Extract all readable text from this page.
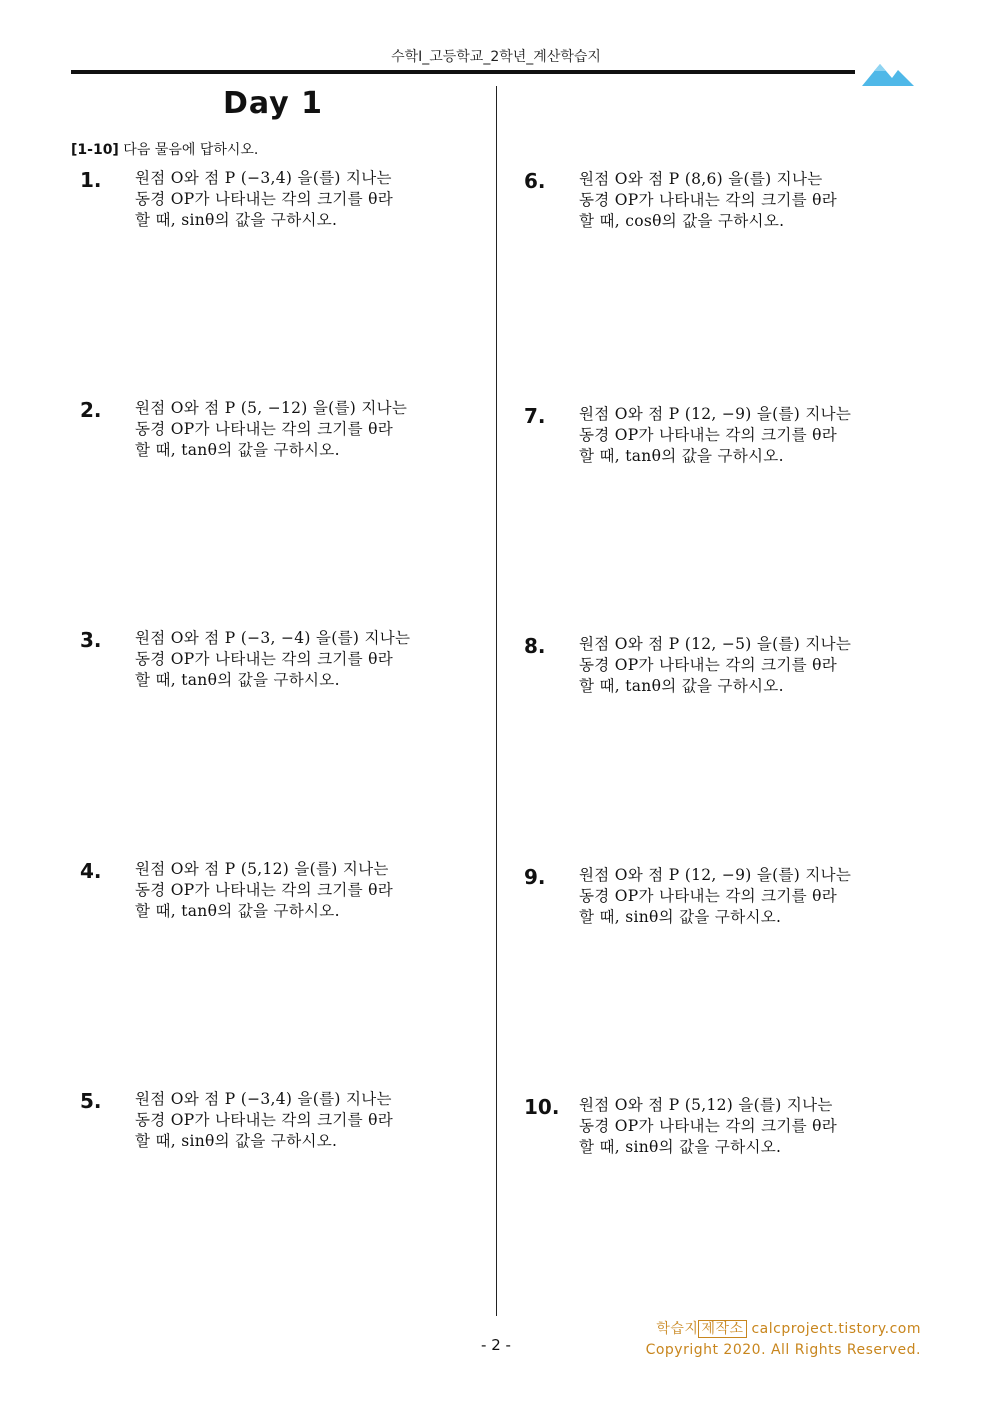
수학I_고등학교_2학년_계산학습지
Day 1
[1-10] 다음 물음에 답하시오.
1. 원점 O와 점 P (−3,4) 을(를) 지나는
동경 OP가 나타내는 각의 크기를 θ라
할 때, sinθ의 값을 구하시오.
2. 원점 O와 점 P (5, −12) 을(를) 지나는
동경 OP가 나타내는 각의 크기를 θ라
할 때, tanθ의 값을 구하시오.
3. 원점 O와 점 P (−3, −4) 을(를) 지나는
동경 OP가 나타내는 각의 크기를 θ라
할 때, tanθ의 값을 구하시오.
4. 원점 O와 점 P (5,12) 을(를) 지나는
동경 OP가 나타내는 각의 크기를 θ라
할 때, tanθ의 값을 구하시오.
5. 원점 O와 점 P (−3,4) 을(를) 지나는
동경 OP가 나타내는 각의 크기를 θ라
할 때, sinθ의 값을 구하시오.
6. 원점 O와 점 P (8,6) 을(를) 지나는
동경 OP가 나타내는 각의 크기를 θ라
할 때, cosθ의 값을 구하시오.
7. 원점 O와 점 P (12, −9) 을(를) 지나는
동경 OP가 나타내는 각의 크기를 θ라
할 때, tanθ의 값을 구하시오.
8. 원점 O와 점 P (12, −5) 을(를) 지나는
동경 OP가 나타내는 각의 크기를 θ라
할 때, tanθ의 값을 구하시오.
9. 원점 O와 점 P (12, −9) 을(를) 지나는
동경 OP가 나타내는 각의 크기를 θ라
할 때, sinθ의 값을 구하시오.
10. 원점 O와 점 P (5,12) 을(를) 지나는
동경 OP가 나타내는 각의 크기를 θ라
할 때, sinθ의 값을 구하시오.
- 2 -
학습지 제작소 calcproject.tistory.com
Copyright 2020. All Rights Reserved.
